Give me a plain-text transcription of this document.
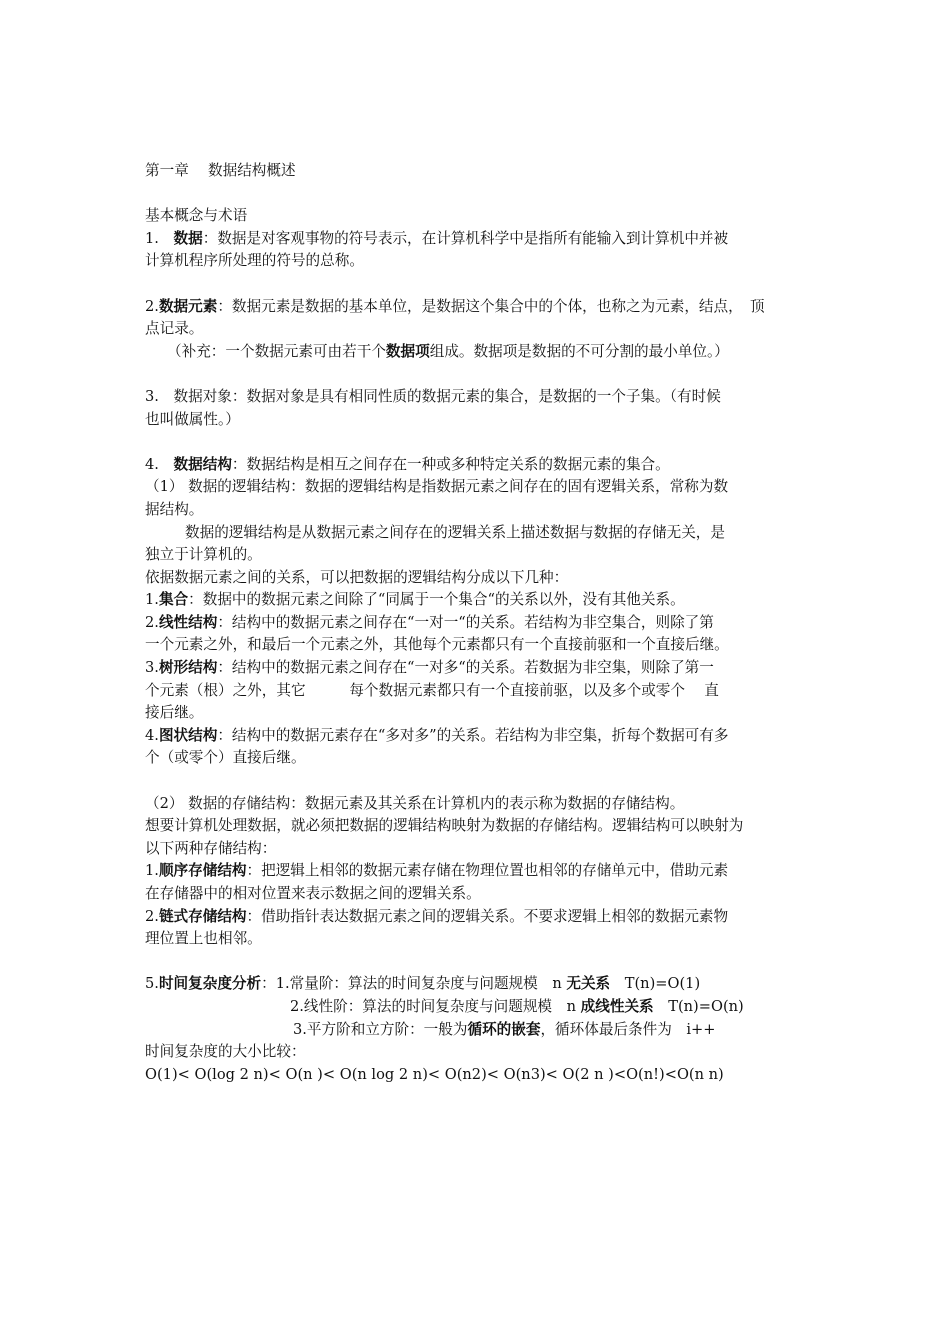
第一章　 数据结构概述
基本概念与术语
1.　数据：数据是对客观事物的符号表示，在计算机科学中是指所有能输入到计算机中并被
计算机程序所处理的符号的总称。
2.数据元素：数据元素是数据的基本单位，是数据这个集合中的个体，也称之为元素，结点，　顶
点记录。
（补充：一个数据元素可由若干个数据项组成。数据项是数据的不可分割的最小单位。）
3.　数据对象：数据对象是具有相同性质的数据元素的集合，是数据的一个子集。（有时候
也叫做属性。）
4.　数据结构：数据结构是相互之间存在一种或多种特定关系的数据元素的集合。
（1） 数据的逻辑结构：数据的逻辑结构是指数据元素之间存在的固有逻辑关系，常称为数
据结构。
数据的逻辑结构是从数据元素之间存在的逻辑关系上描述数据与数据的存储无关，是
独立于计算机的。
依据数据元素之间的关系，可以把数据的逻辑结构分成以下几种：
1.集合：数据中的数据元素之间除了“同属于一个集合“的关系以外，没有其他关系。
2.线性结构：结构中的数据元素之间存在“一对一“的关系。若结构为非空集合，则除了第
一个元素之外，和最后一个元素之外，其他每个元素都只有一个直接前驱和一个直接后继。
3.树形结构：结构中的数据元素之间存在“一对多“的关系。若数据为非空集，则除了第一
个元素（根）之外，其它　　　每个数据元素都只有一个直接前驱，以及多个或零个　 直
接后继。
4.图状结构：结构中的数据元素存在“多对多”的关系。若结构为非空集，折每个数据可有多
个（或零个）直接后继。
（2） 数据的存储结构：数据元素及其关系在计算机内的表示称为数据的存储结构。
想要计算机处理数据，就必须把数据的逻辑结构映射为数据的存储结构。逻辑结构可以映射为
以下两种存储结构：
1.顺序存储结构：把逻辑上相邻的数据元素存储在物理位置也相邻的存储单元中，借助元素
在存储器中的相对位置来表示数据之间的逻辑关系。
2.链式存储结构：借助指针表达数据元素之间的逻辑关系。不要求逻辑上相邻的数据元素物
理位置上也相邻。
5.时间复杂度分析：1.常量阶：算法的时间复杂度与问题规模　n 无关系　T(n)=O(1)
2.线性阶：算法的时间复杂度与问题规模　n 成线性关系　T(n)=O(n)
3.平方阶和立方阶：一般为循环的嵌套，循环体最后条件为　i++
时间复杂度的大小比较：
O(1)< O(log 2 n)< O(n )< O(n log 2 n)< O(n2)< O(n3)< O(2 n )<O(n!)<O(n n)
